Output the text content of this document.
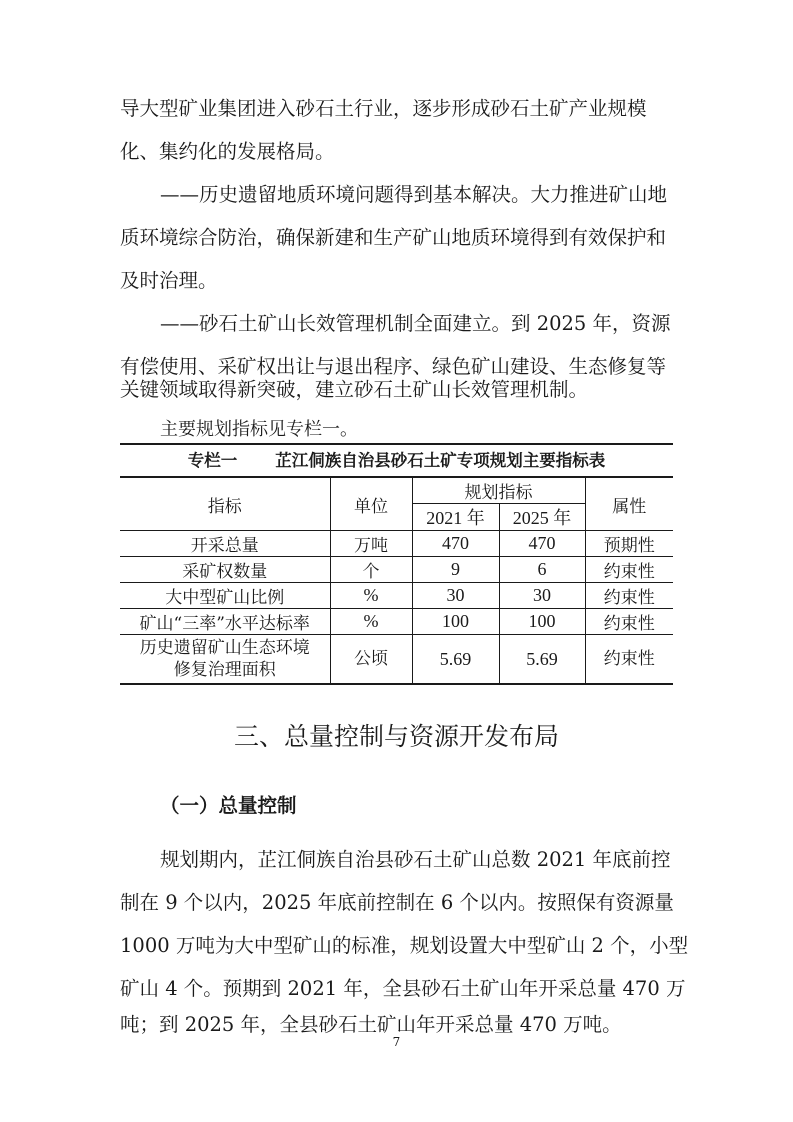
导大型矿业集团进入砂石土行业，逐步形成砂石土矿产业规模
化、集约化的发展格局。
——历史遗留地质环境问题得到基本解决。大力推进矿山地
质环境综合防治，确保新建和生产矿山地质环境得到有效保护和
及时治理。
——砂石土矿山长效管理机制全面建立。到 2025 年，资源
有偿使用、采矿权出让与退出程序、绿色矿山建设、生态修复等
关键领域取得新突破，建立砂石土矿山长效管理机制。
主要规划指标见专栏一。
专栏一 芷江侗族自治县砂石土矿专项规划主要指标表
指标	单位	规划指标		属性
		2021 年	2025 年	
开采总量	万吨	470	470	预期性
采矿权数量	个	9	6	约束性
大中型矿山比例	%	30	30	约束性
矿山“三率”水平达标率	%	100	100	约束性

历史遗留矿山生态环境
修复治理面积	公顷	5.69	5.69	约束性
三、总量控制与资源开发布局
（一）总量控制
规划期内，芷江侗族自治县砂石土矿山总数 2021 年底前控
制在 9 个以内，2025 年底前控制在 6 个以内。按照保有资源量
1000 万吨为大中型矿山的标准，规划设置大中型矿山 2 个，小型
矿山 4 个。预期到 2021 年，全县砂石土矿山年开采总量 470 万
吨；到 2025 年，全县砂石土矿山年开采总量 470 万吨。
7
